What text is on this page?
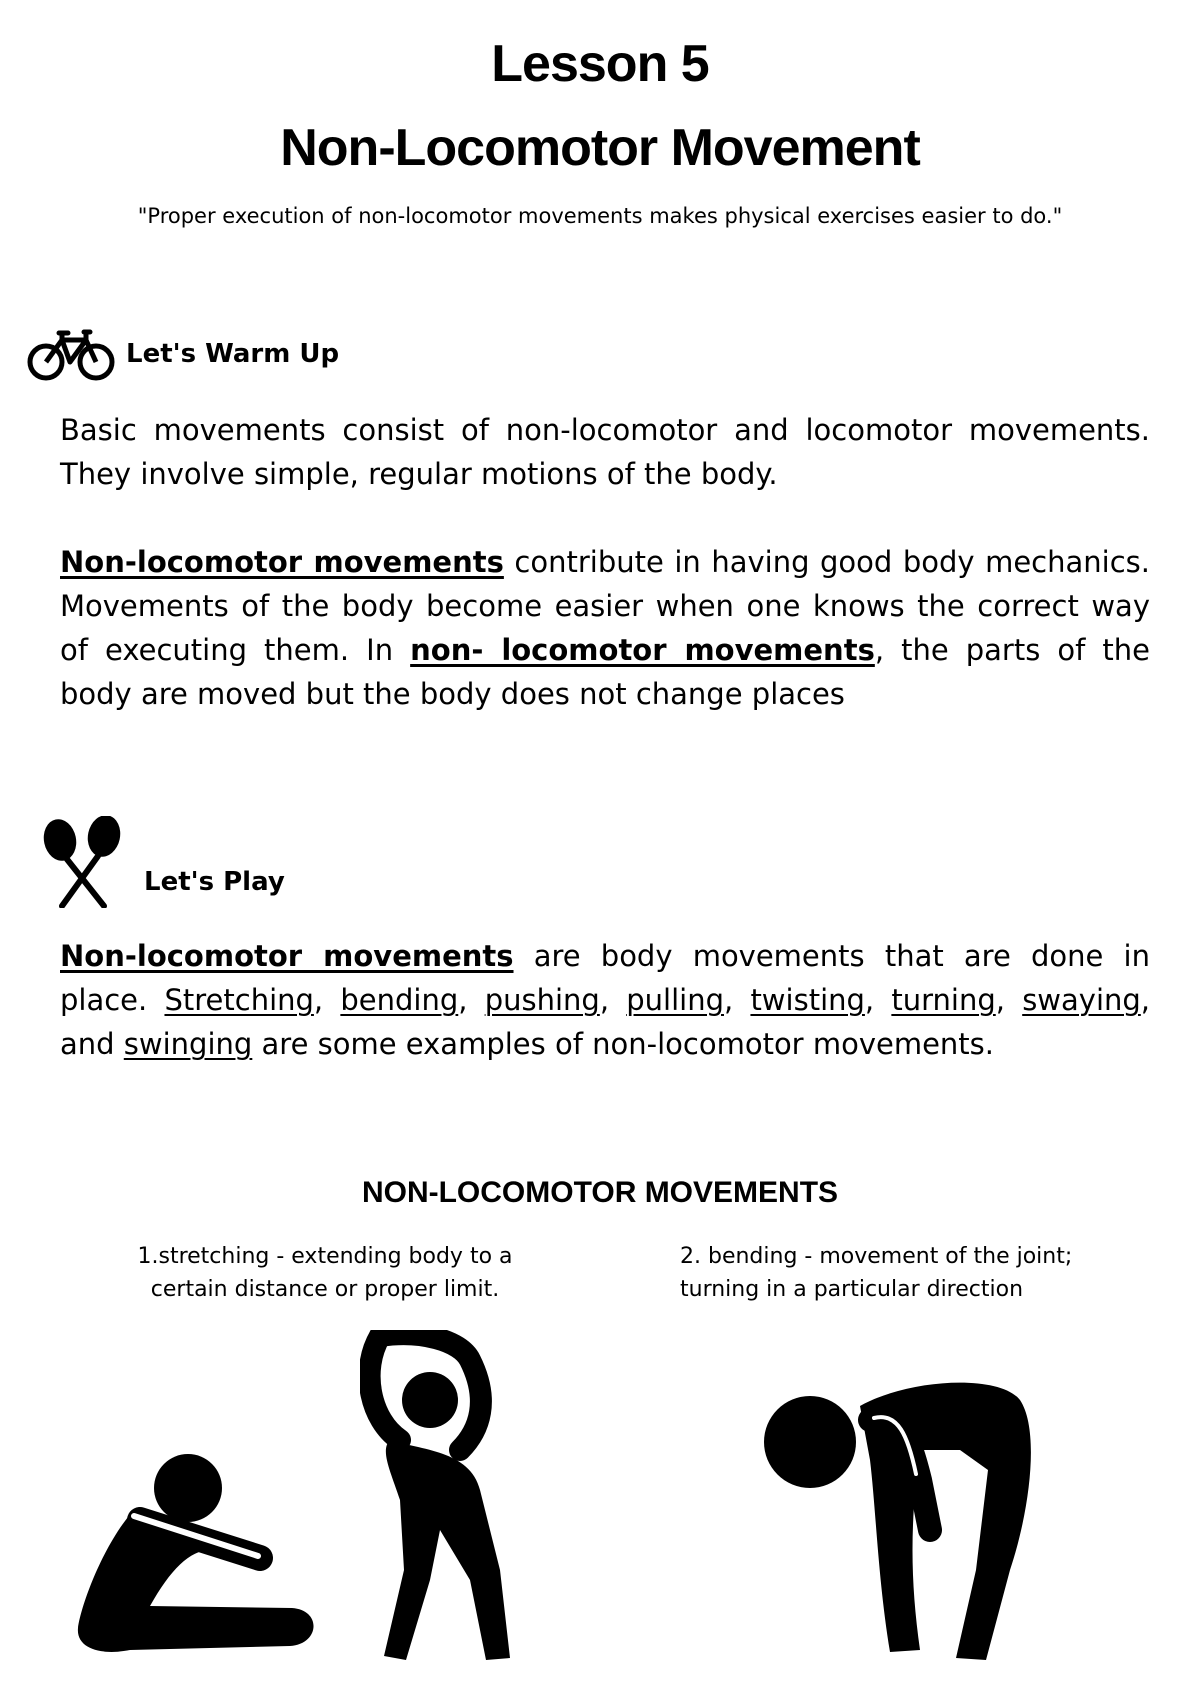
Lesson 5
Non-Locomotor Movement

"Proper execution of non-locomotor movements makes physical exercises easier to do."

Let's Warm Up

Basic movements consist of non-locomotor and locomotor movements. They involve simple, regular motions of the body.

Non-locomotor movements contribute in having good body mechanics. Movements of the body become easier when one knows the correct way of executing them. In non- locomotor movements, the parts of the body are moved but the body does not change places

Let's Play

Non-locomotor movements are body movements that are done in place. Stretching, bending, pushing, pulling, twisting, turning, swaying, and swinging are some examples of non-locomotor movements.

NON-LOCOMOTOR MOVEMENTS

1.stretching - extending body to a certain distance or proper limit.

2. bending - movement of the joint; turning in a particular direction
